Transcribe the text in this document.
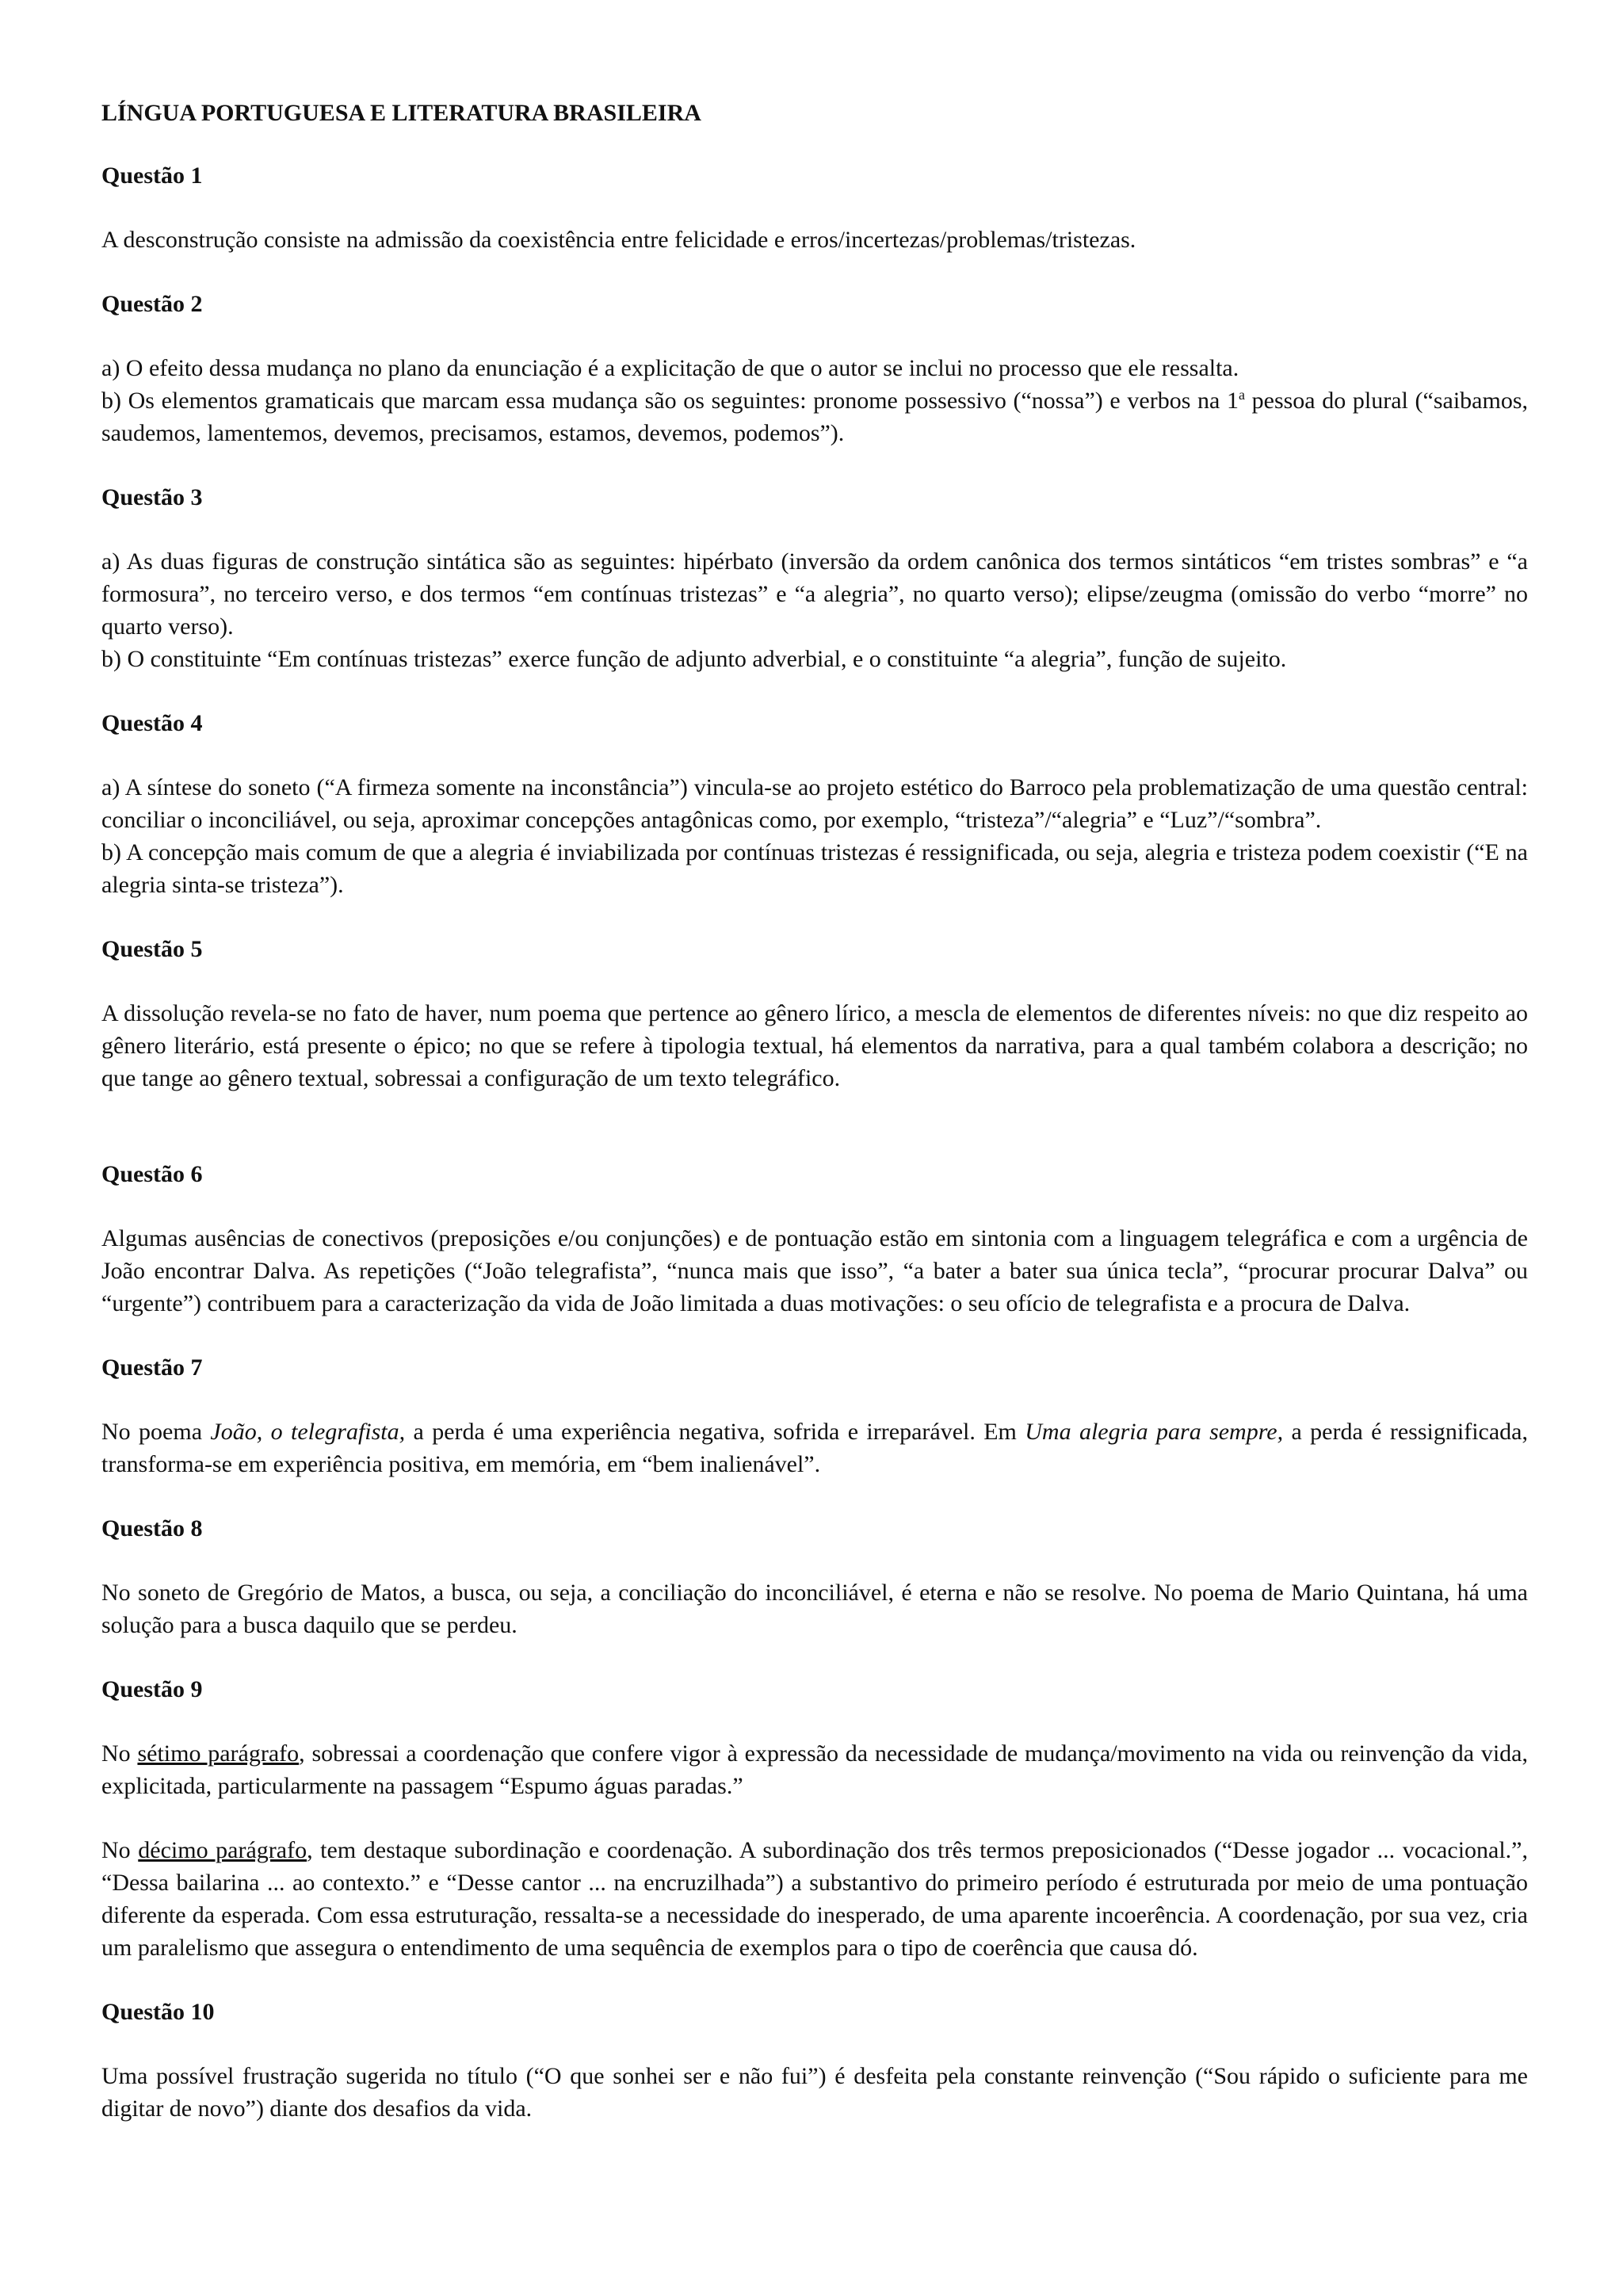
LÍNGUA PORTUGUESA E LITERATURA BRASILEIRA
Questão 1

A desconstrução consiste na admissão da coexistência entre felicidade e erros/incertezas/problemas/tristezas.

Questão 2

a) O efeito dessa mudança no plano da enunciação é a explicitação de que o autor se inclui no processo que ele ressalta.

b) Os elementos gramaticais que marcam essa mudança são os seguintes: pronome possessivo (“nossa”) e verbos na 1$^a$ pessoa do plural (“saibamos, saudemos, lamentemos, devemos, precisamos, estamos, devemos, podemos”).

Questão 3

a) As duas figuras de construção sintática são as seguintes: hipérbato (inversão da ordem canônica dos termos sintáticos “em tristes sombras” e “a formosura”, no terceiro verso, e dos termos “em contínuas tristezas” e “a alegria”, no quarto verso); elipse/zeugma (omissão do verbo “morre” no quarto verso).

b) O constituinte “Em contínuas tristezas” exerce função de adjunto adverbial, e o constituinte “a alegria”, função de sujeito.

Questão 4

a) A síntese do soneto (“A firmeza somente na inconstância”) vincula-se ao projeto estético do Barroco pela problematização de uma questão central: conciliar o inconciliável, ou seja, aproximar concepções antagônicas como, por exemplo, “tristeza”/“alegria” e “Luz”/“sombra”.

b) A concepção mais comum de que a alegria é inviabilizada por contínuas tristezas é ressignificada, ou seja, alegria e tristeza podem coexistir (“E na alegria sinta-se tristeza”).

Questão 5

A dissolução revela-se no fato de haver, num poema que pertence ao gênero lírico, a mescla de elementos de diferentes níveis: no que diz respeito ao gênero literário, está presente o épico; no que se refere à tipologia textual, há elementos da narrativa, para a qual também colabora a descrição; no que tange ao gênero textual, sobressai a configuração de um texto telegráfico.

Questão 6

Algumas ausências de conectivos (preposições e/ou conjunções) e de pontuação estão em sintonia com a linguagem telegráfica e com a urgência de João encontrar Dalva. As repetições (“João telegrafista”, “nunca mais que isso”, “a bater a bater sua única tecla”, “procurar procurar Dalva” ou “urgente”) contribuem para a caracterização da vida de João limitada a duas motivações: o seu ofício de telegrafista e a procura de Dalva.

Questão 7

No poema João, o telegrafista, a perda é uma experiência negativa, sofrida e irreparável. Em Uma alegria para sempre, a perda é ressignificada, transforma-se em experiência positiva, em memória, em “bem inalienável”.

Questão 8

No soneto de Gregório de Matos, a busca, ou seja, a conciliação do inconciliável, é eterna e não se resolve. No poema de Mario Quintana, há uma solução para a busca daquilo que se perdeu.

Questão 9

No sétimo parágrafo, sobressai a coordenação que confere vigor à expressão da necessidade de mudança/movimento na vida ou reinvenção da vida, explicitada, particularmente na passagem “Espumo águas paradas.”

No décimo parágrafo, tem destaque subordinação e coordenação. A subordinação dos três termos preposicionados (“Desse jogador ... vocacional.”, “Dessa bailarina ... ao contexto.” e “Desse cantor ... na encruzilhada”) a substantivo do primeiro período é estruturada por meio de uma pontuação diferente da esperada. Com essa estruturação, ressalta-se a necessidade do inesperado, de uma aparente incoerência. A coordenação, por sua vez, cria um paralelismo que assegura o entendimento de uma sequência de exemplos para o tipo de coerência que causa dó.

Questão 10

Uma possível frustração sugerida no título (“O que sonhei ser e não fui”) é desfeita pela constante reinvenção (“Sou rápido o suficiente para me digitar de novo”) diante dos desafios da vida.
